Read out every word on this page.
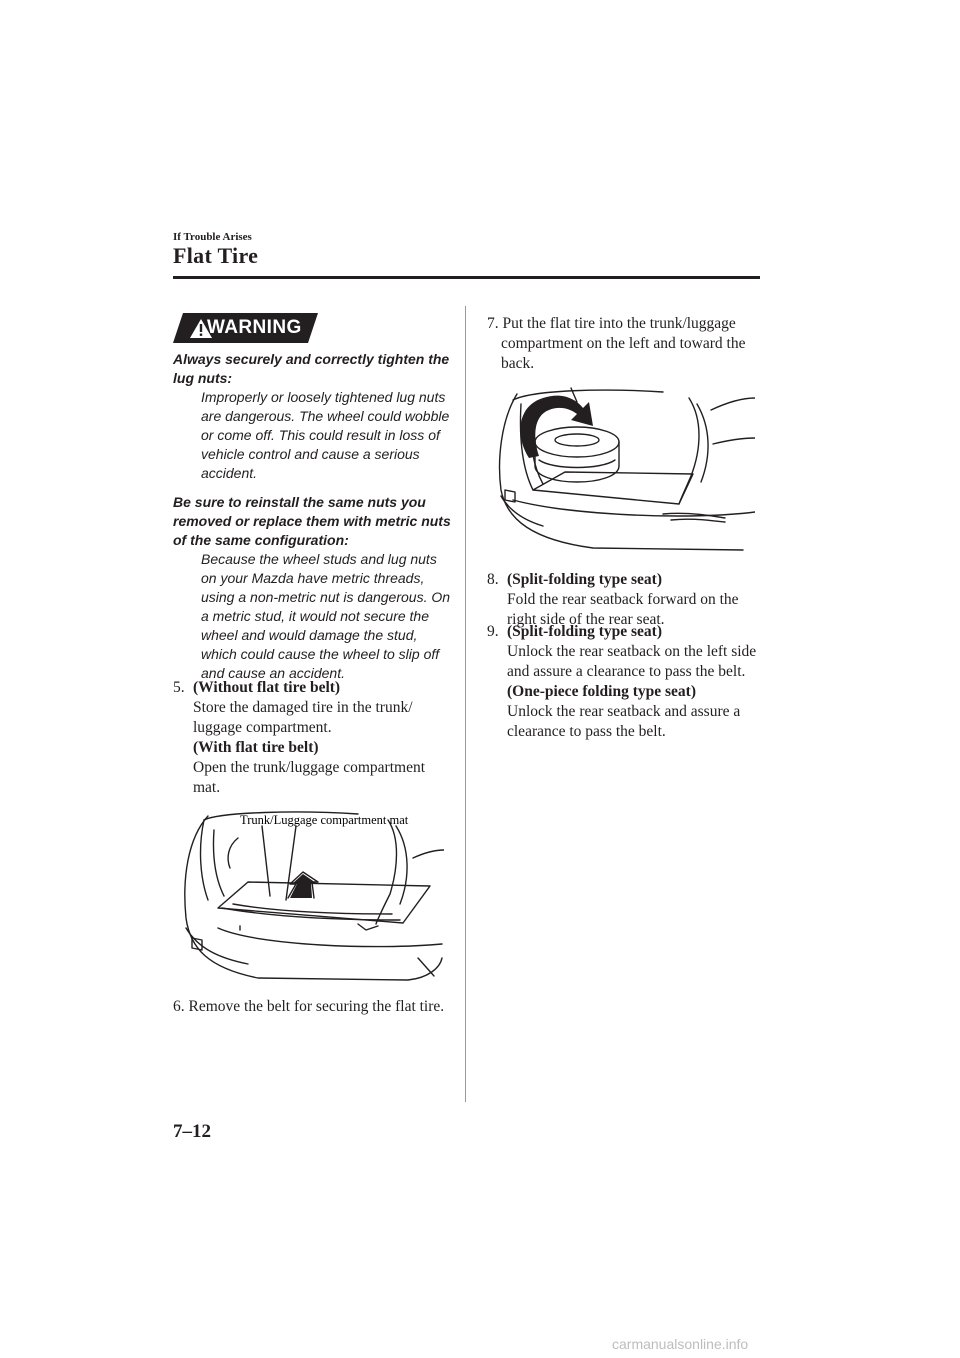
If Trouble Arises
Flat Tire
WARNING
Always securely and correctly tighten the lug nuts:
Improperly or loosely tightened lug nuts are dangerous. The wheel could wobble or come off. This could result in loss of vehicle control and cause a serious accident.
Be sure to reinstall the same nuts you removed or replace them with metric nuts of the same configuration:
Because the wheel studs and lug nuts on your Mazda have metric threads, using a non-metric nut is dangerous. On a metric stud, it would not secure the wheel and would damage the stud, which could cause the wheel to slip off and cause an accident.
5. (Without flat tire belt)
Store the damaged tire in the trunk/ luggage compartment.
(With flat tire belt)
Open the trunk/luggage compartment mat.
Trunk/Luggage compartment mat
6. Remove the belt for securing the flat tire.
7. Put the flat tire into the trunk/luggage compartment on the left and toward the back.
8. (Split-folding type seat)
Fold the rear seatback forward on the right side of the rear seat.
9. (Split-folding type seat)
Unlock the rear seatback on the left side and assure a clearance to pass the belt.
(One-piece folding type seat)
Unlock the rear seatback and assure a clearance to pass the belt.
7–12
carmanualsonline.info
